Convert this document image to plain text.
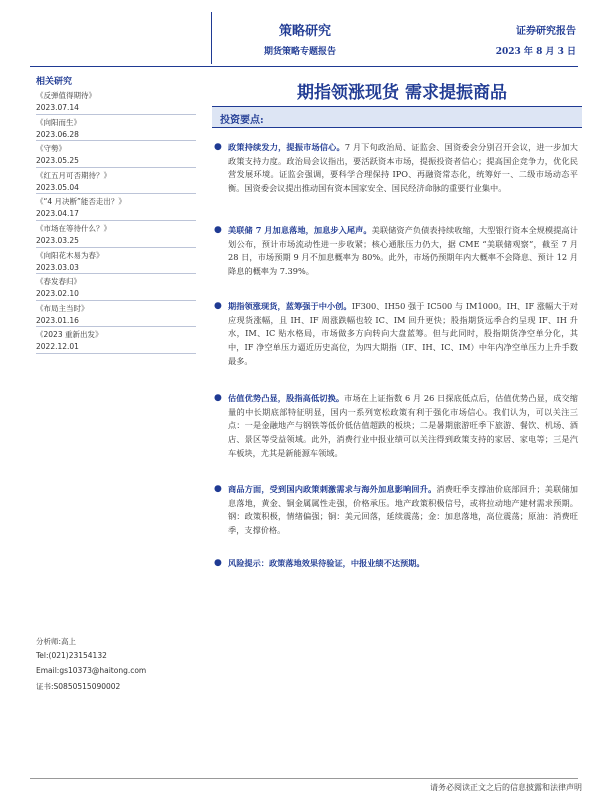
策略研究
期货策略专题报告
证券研究报告
2023 年 8 月 3 日
相关研究
《反弹值得期待》
2023.07.14
《向阳而生》
2023.06.28
《守勢》
2023.05.25
《红五月可否期待？》
2023.05.04
《“4 月决断”能否走出？》
2023.04.17
《市场在等待什么？》
2023.03.25
《向阳花木易为春》
2023.03.03
《春发春归》
2023.02.10
《布局主当时》
2023.01.16
《2023 重新出发》
2022.12.01
分析师:高上
Tel:(021)23154132
Email:gs10373@haitong.com
证书:S0850515090002
期指领涨现货 需求提振商品
投资要点:
● 政策持续发力，提振市场信心。7 月下旬政治局、证监会、国资委会分别召开会议，进一步加大政策支持力度。政治局会议指出，要活跃资本市场，提振投资者信心；提高国企竞争力，优化民营发展环境。证监会强调，要科学合理保持 IPO、再融资常态化，统筹好一、二级市场动态平衡。国资委会议提出推动国有资本国家安全、国民经济命脉的重要行业集中。
● 美联储 7 月加息落地，加息步入尾声。美联储资产负债表持续收缩，大型银行资本全规模提高计划公布，预计市场流动性进一步收紧；核心通胀压力仍大，据 CME “美联储观察”，截至 7 月 28 日，市场预期 9 月不加息概率为 80%。此外，市场仍预期年内大概率不会降息、预计 12 月降息的概率为 7.39%。
● 期指领涨现货，蓝筹强于中小创。IF300、IH50 强于 IC500 与 IM1000。IH、IF 涨幅大于对应现货涨幅，且 IH、IF 周涨跌幅也较 IC、IM 回升更快；股指期货远季合约呈现 IF、IH 升水，IM、IC 贴水格局，市场做多方向转向大盘蓝筹。但与此同时，股指期货净空单分化，其中，IF 净空单压力逼近历史高位，为四大期指（IF、IH、IC、IM）中年内净空单压力上升手数最多。
● 估值优势凸显，股指高低切换。市场在上证指数 6 月 26 日探底低点后，估值优势凸显，成交缩量的中长期底部特征明显，国内一系列宽松政策有利于强化市场信心。我们认为，可以关注三点：一是金融地产与钢铁等低价低估值超跌的板块；二是暑期旅游旺季下旅游、餐饮、机场、酒店、景区等受益领域。此外，消费行业中报业绩可以关注得到政策支持的家居、家电等；三是汽车板块，尤其是新能源车领域。
● 商品方面，受到国内政策刺激需求与海外加息影响回升。消费旺季支撑油价底部回升；美联储加息落地，黄金、铜金属属性走强，价格承压。地产政策积极信号，或将拉动地产建材需求预期。钢：政策积极，情绪偏强；铜：美元回落，延续震荡；金：加息落地，高位震荡；原油：消费旺季，支撑价格。
● 风险提示：政策落地效果待验证，中报业绩不达预期。
请务必阅读正文之后的信息披露和法律声明
